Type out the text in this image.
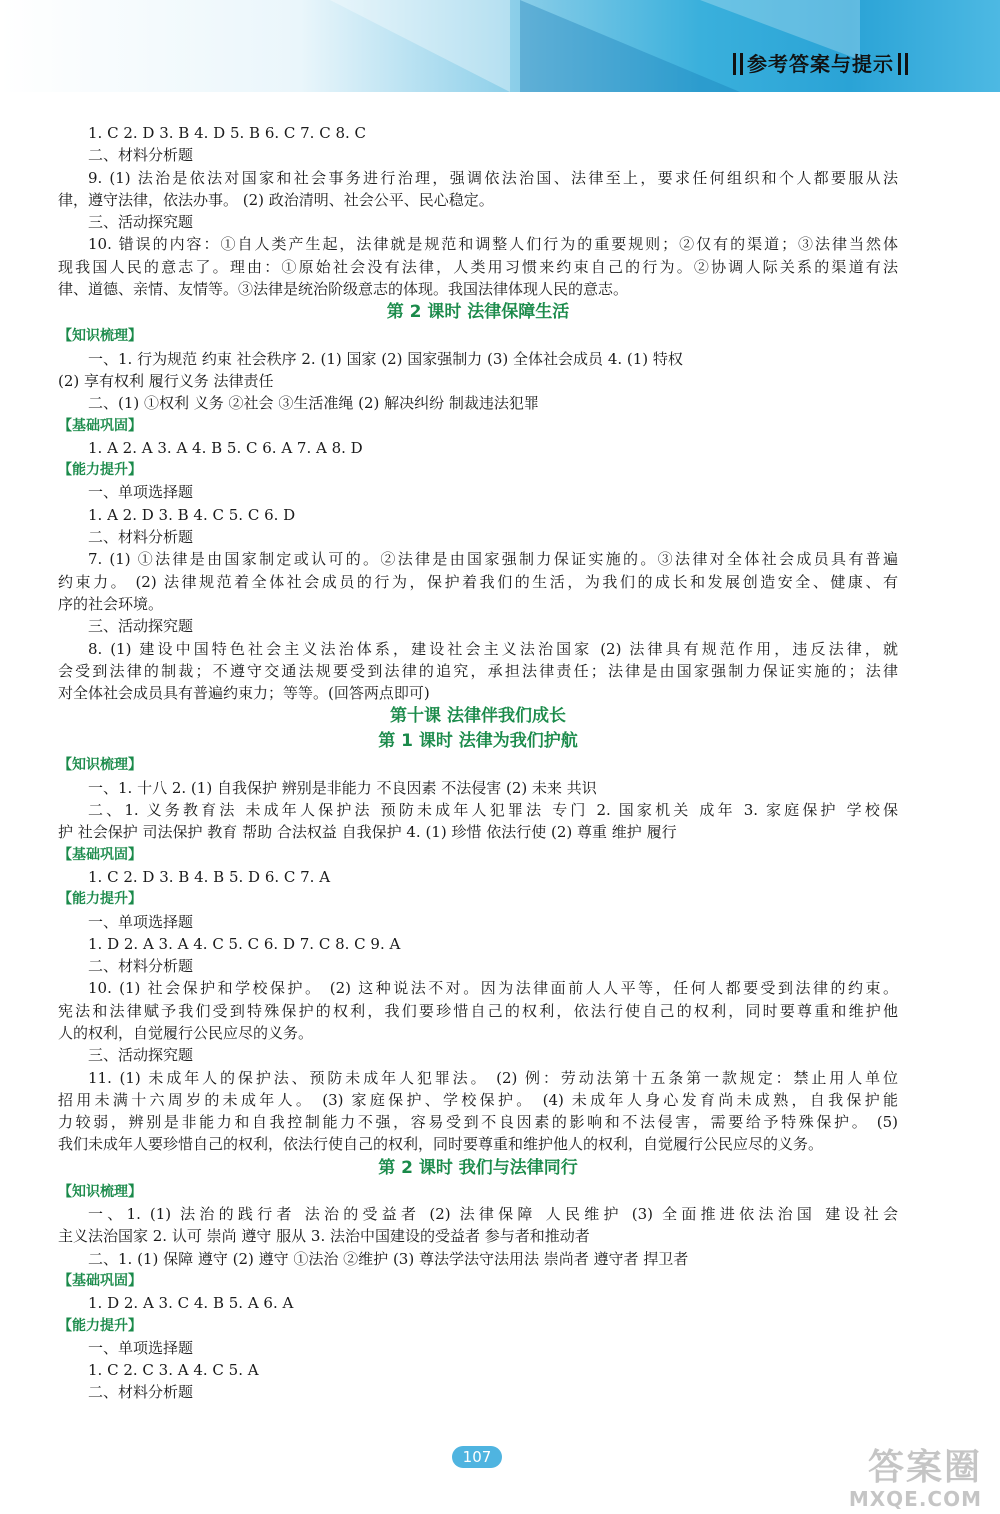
参考答案与提示
1. C 2. D 3. B 4. D 5. B 6. C 7. C 8. C
二、材料分析题
9. (1) 法治是依法对国家和社会事务进行治理，强调依法治国、法律至上，要求任何组织和个人都要服从法
律，遵守法律，依法办事。 (2) 政治清明、社会公平、民心稳定。
三、活动探究题
10. 错误的内容：①自人类产生起，法律就是规范和调整人们行为的重要规则；②仅有的渠道；③法律当然体
现我国人民的意志了。理由：①原始社会没有法律，人类用习惯来约束自己的行为。②协调人际关系的渠道有法
律、道德、亲情、友情等。③法律是统治阶级意志的体现。我国法律体现人民的意志。
第 2 课时 法律保障生活
【知识梳理】
一、1. 行为规范 约束 社会秩序 2. (1) 国家 (2) 国家强制力 (3) 全体社会成员 4. (1) 特权
(2) 享有权利 履行义务 法律责任
二、(1) ①权利 义务 ②社会 ③生活准绳 (2) 解决纠纷 制裁违法犯罪
【基础巩固】
1. A 2. A 3. A 4. B 5. C 6. A 7. A 8. D
【能力提升】
一、单项选择题
1. A 2. D 3. B 4. C 5. C 6. D
二、材料分析题
7. (1) ①法律是由国家制定或认可的。②法律是由国家强制力保证实施的。③法律对全体社会成员具有普遍
约束力。 (2) 法律规范着全体社会成员的行为，保护着我们的生活，为我们的成长和发展创造安全、健康、有
序的社会环境。
三、活动探究题
8. (1) 建设中国特色社会主义法治体系，建设社会主义法治国家 (2) 法律具有规范作用，违反法律，就
会受到法律的制裁；不遵守交通法规要受到法律的追究，承担法律责任；法律是由国家强制力保证实施的；法律
对全体社会成员具有普遍约束力；等等。(回答两点即可)
第十课 法律伴我们成长
第 1 课时 法律为我们护航
【知识梳理】
一、1. 十八 2. (1) 自我保护 辨别是非能力 不良因素 不法侵害 (2) 未来 共识
二、1. 义务教育法 未成年人保护法 预防未成年人犯罪法 专门 2. 国家机关 成年 3. 家庭保护 学校保
护 社会保护 司法保护 教育 帮助 合法权益 自我保护 4. (1) 珍惜 依法行使 (2) 尊重 维护 履行
【基础巩固】
1. C 2. D 3. B 4. B 5. D 6. C 7. A
【能力提升】
一、单项选择题
1. D 2. A 3. A 4. C 5. C 6. D 7. C 8. C 9. A
二、材料分析题
10. (1) 社会保护和学校保护。 (2) 这种说法不对。因为法律面前人人平等，任何人都要受到法律的约束。
宪法和法律赋予我们受到特殊保护的权利，我们要珍惜自己的权利，依法行使自己的权利，同时要尊重和维护他
人的权利，自觉履行公民应尽的义务。
三、活动探究题
11. (1) 未成年人的保护法、预防未成年人犯罪法。 (2) 例：劳动法第十五条第一款规定：禁止用人单位
招用未满十六周岁的未成年人。 (3) 家庭保护、学校保护。 (4) 未成年人身心发育尚未成熟，自我保护能
力较弱，辨别是非能力和自我控制能力不强，容易受到不良因素的影响和不法侵害，需要给予特殊保护。 (5)
我们未成年人要珍惜自己的权利，依法行使自己的权利，同时要尊重和维护他人的权利，自觉履行公民应尽的义务。
第 2 课时 我们与法律同行
【知识梳理】
一、1. (1) 法治的践行者 法治的受益者 (2) 法律保障 人民维护 (3) 全面推进依法治国 建设社会
主义法治国家 2. 认可 崇尚 遵守 服从 3. 法治中国建设的受益者 参与者和推动者
二、1. (1) 保障 遵守 (2) 遵守 ①法治 ②维护 (3) 尊法学法守法用法 崇尚者 遵守者 捍卫者
【基础巩固】
1. D 2. A 3. C 4. B 5. A 6. A
【能力提升】
一、单项选择题
1. C 2. C 3. A 4. C 5. A
二、材料分析题
107	答案圈
MXQE.COM
